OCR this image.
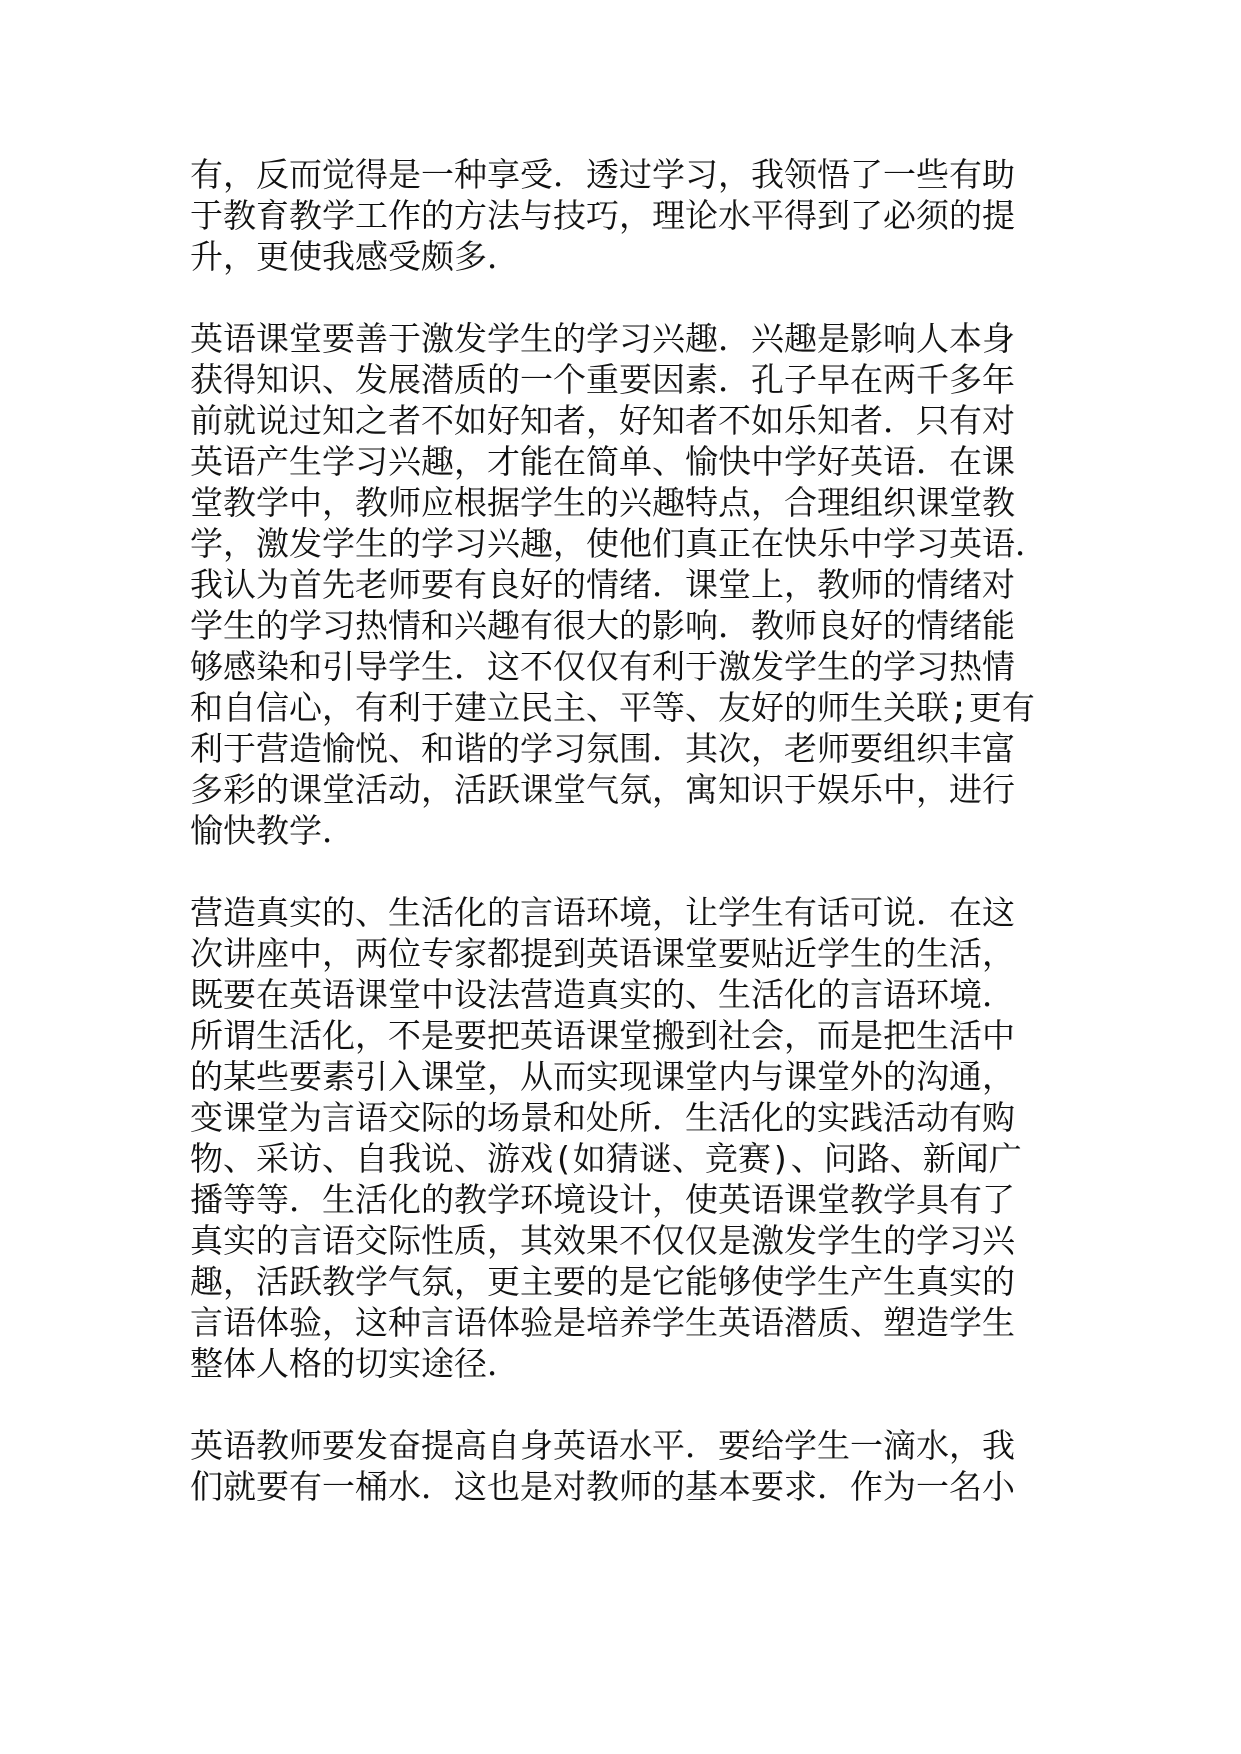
有，反而觉得是一种享受．透过学习，我领悟了一些有助
于教育教学工作的方法与技巧，理论水平得到了必须的提
升，更使我感受颇多．
英语课堂要善于激发学生的学习兴趣．兴趣是影响人本身
获得知识、发展潜质的一个重要因素．孔子早在两千多年
前就说过知之者不如好知者，好知者不如乐知者．只有对
英语产生学习兴趣，才能在简单、愉快中学好英语．在课
堂教学中，教师应根据学生的兴趣特点，合理组织课堂教
学，激发学生的学习兴趣，使他们真正在快乐中学习英语．
我认为首先老师要有良好的情绪．课堂上，教师的情绪对
学生的学习热情和兴趣有很大的影响．教师良好的情绪能
够感染和引导学生．这不仅仅有利于激发学生的学习热情
和自信心，有利于建立民主、平等、友好的师生关联;更有
利于营造愉悦、和谐的学习氛围．其次，老师要组织丰富
多彩的课堂活动，活跃课堂气氛，寓知识于娱乐中，进行
愉快教学．
营造真实的、生活化的言语环境，让学生有话可说．在这
次讲座中，两位专家都提到英语课堂要贴近学生的生活，
既要在英语课堂中设法营造真实的、生活化的言语环境．
所谓生活化，不是要把英语课堂搬到社会，而是把生活中
的某些要素引入课堂，从而实现课堂内与课堂外的沟通，
变课堂为言语交际的场景和处所．生活化的实践活动有购
物、采访、自我说、游戏(如猜谜、竞赛)、问路、新闻广
播等等．生活化的教学环境设计，使英语课堂教学具有了
真实的言语交际性质，其效果不仅仅是激发学生的学习兴
趣，活跃教学气氛，更主要的是它能够使学生产生真实的
言语体验，这种言语体验是培养学生英语潜质、塑造学生
整体人格的切实途径．
英语教师要发奋提高自身英语水平．要给学生一滴水，我
们就要有一桶水．这也是对教师的基本要求．作为一名小
